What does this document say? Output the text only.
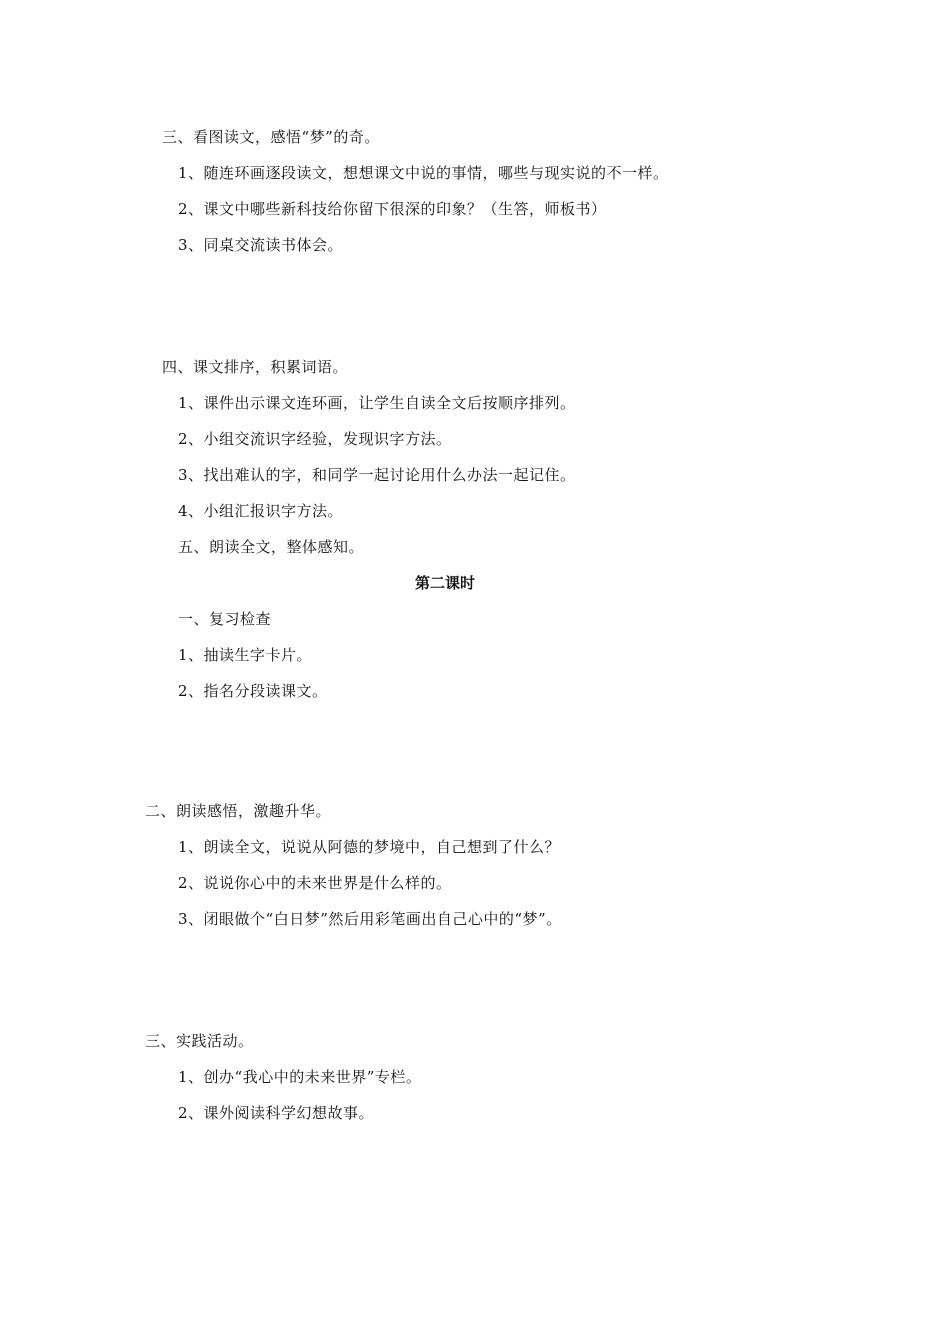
三、看图读文，感悟“梦”的奇。
1、随连环画逐段读文，想想课文中说的事情，哪些与现实说的不一样。
2、课文中哪些新科技给你留下很深的印象？（生答，师板书）
3、同桌交流读书体会。
四、课文排序，积累词语。
1、课件出示课文连环画，让学生自读全文后按顺序排列。
2、小组交流识字经验，发现识字方法。
3、找出难认的字，和同学一起讨论用什么办法一起记住。
4、小组汇报识字方法。
五、朗读全文，整体感知。
第二课时
一、复习检查
1、抽读生字卡片。
2、指名分段读课文。
二、朗读感悟，激趣升华。
1、朗读全文，说说从阿德的梦境中，自己想到了什么？
2、说说你心中的未来世界是什么样的。
3、闭眼做个“白日梦”然后用彩笔画出自己心中的“梦”。
三、实践活动。
1、创办“我心中的未来世界”专栏。
2、课外阅读科学幻想故事。
